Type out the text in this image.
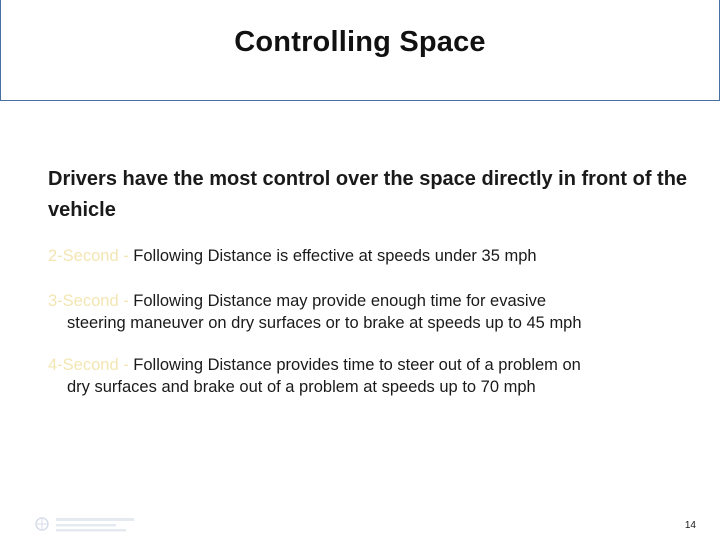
Controlling Space
Drivers have the most control over the space directly in front of the vehicle
2-Second - Following Distance is effective at speeds under 35 mph
3-Second - Following Distance may provide enough time for evasive
steering maneuver on dry surfaces or to brake at speeds up to 45 mph
4-Second - Following Distance provides time to steer out of a problem on
dry surfaces and brake out of a problem at speeds up to 70 mph
14
